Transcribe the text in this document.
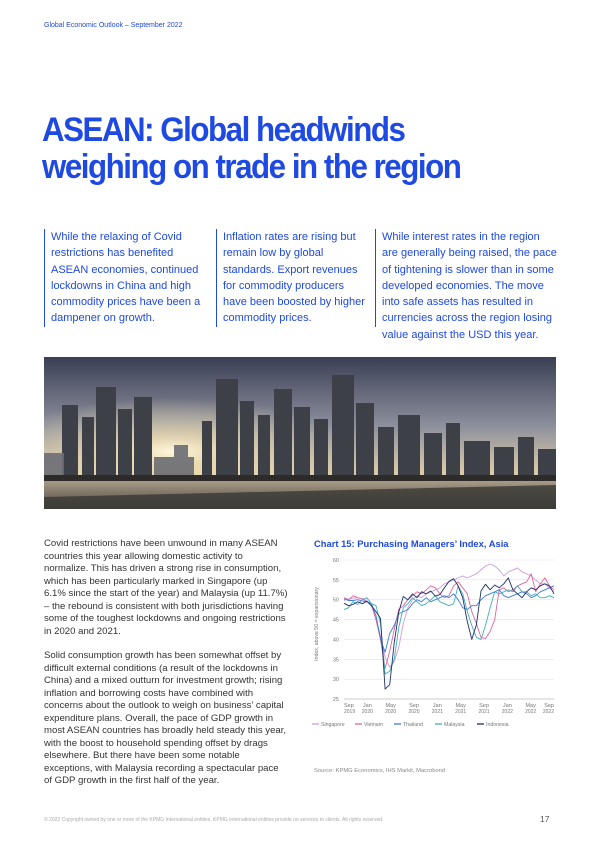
Global Economic Outlook – September 2022
ASEAN: Global headwinds
weighing on trade in the region
While the relaxing of Covid restrictions has benefited ASEAN economies, continued lockdowns in China and high commodity prices have been a dampener on growth.
Inflation rates are rising but remain low by global standards. Export revenues for commodity producers have been boosted by higher commodity prices.
While interest rates in the region are generally being raised, the pace of tightening is slower than in some developed economies. The move into safe assets has resulted in currencies across the region losing value against the USD this year.

Covid restrictions have been unwound in many ASEAN countries this year allowing domestic activity to normalize. This has driven a strong rise in consumption, which has been particularly marked in Singapore (up 6.1% since the start of the year) and Malaysia (up 11.7%) – the rebound is consistent with both jurisdictions having some of the toughest lockdowns and ongoing restrictions in 2020 and 2021.

Solid consumption growth has been somewhat offset by difficult external conditions (a result of the lockdowns in China) and a mixed outturn for investment growth; rising inflation and borrowing costs have combined with concerns about the outlook to weigh on business’ capital expenditure plans. Overall, the pace of GDP growth in most ASEAN countries has broadly held steady this year, with the boost to household spending offset by drags elsewhere. But there have been some notable exceptions, with Malaysia recording a spectacular pace of GDP growth in the first half of the year.

Chart 15: Purchasing Managers’ Index, Asia
Index, above 50 = expansionary
25
30
35
40
45
50
55
60
Sep
2019
Jan
2020
May
2020
Sep
2020
Jan
2021
May
2021
Sep
2021
Jan
2022
May
2022
Sep
2022
Singapore	Vietnam	Thailand	Malaysia	Indonesia
Source: KPMG Economics, IHS Markit, Macrobond
© 2022 Copyright owned by one or more of the KPMG International entities. KPMG International entities provide no services to clients. All rights reserved.	17
